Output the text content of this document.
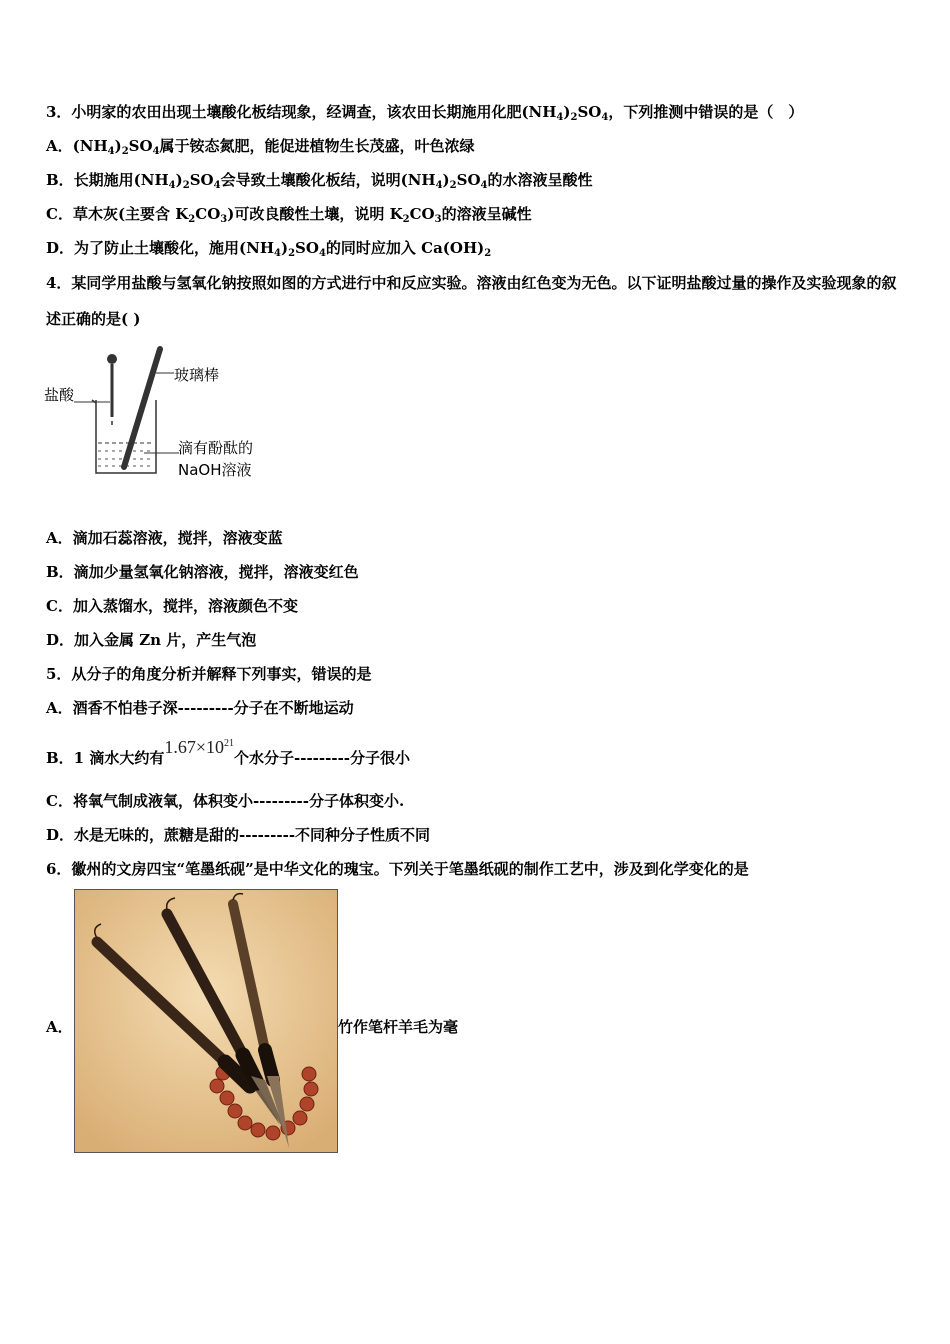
3．小明家的农田出现土壤酸化板结现象，经调查，该农田长期施用化肥$(NH_4)_2SO_4$，下列推测中错误的是（　）
A．$(NH_4)_2SO_4$属于铵态氮肥，能促进植物生长茂盛，叶色浓绿
B．长期施用$(NH_4)_2SO_4$会导致土壤酸化板结，说明$(NH_4)_2SO_4$的水溶液呈酸性
C．草木灰(主要含 $K_2CO_3$)可改良酸性土壤，说明 $K_2CO_3$的溶液呈碱性
D．为了防止土壤酸化，施用$(NH_4)_2SO_4$的同时应加入 $Ca(OH)_2$
4．某同学用盐酸与氢氧化钠按照如图的方式进行中和反应实验。溶液由红色变为无色。以下证明盐酸过量的操作及实验现象的叙述正确的是( )
盐酸
玻璃棒
滴有酚酞的
NaOH溶液
A．滴加石蕊溶液，搅拌，溶液变蓝
B．滴加少量氢氧化钠溶液，搅拌，溶液变红色
C．加入蒸馏水，搅拌，溶液颜色不变
D．加入金属 Zn 片，产生气泡
5．从分子的角度分析并解释下列事实，错误的是
A．酒香不怕巷子深---------分子在不断地运动
B．1 滴水大约有$1.67\times 10^{21}$个水分子---------分子很小
C．将氧气制成液氧，体积变小---------分子体积变小.
D．水是无味的，蔗糖是甜的---------不同种分子性质不同
6．徽州的文房四宝“笔墨纸砚”是中华文化的瑰宝。下列关于笔墨纸砚的制作工艺中，涉及到化学变化的是
A．	竹作笔杆羊毛为毫
